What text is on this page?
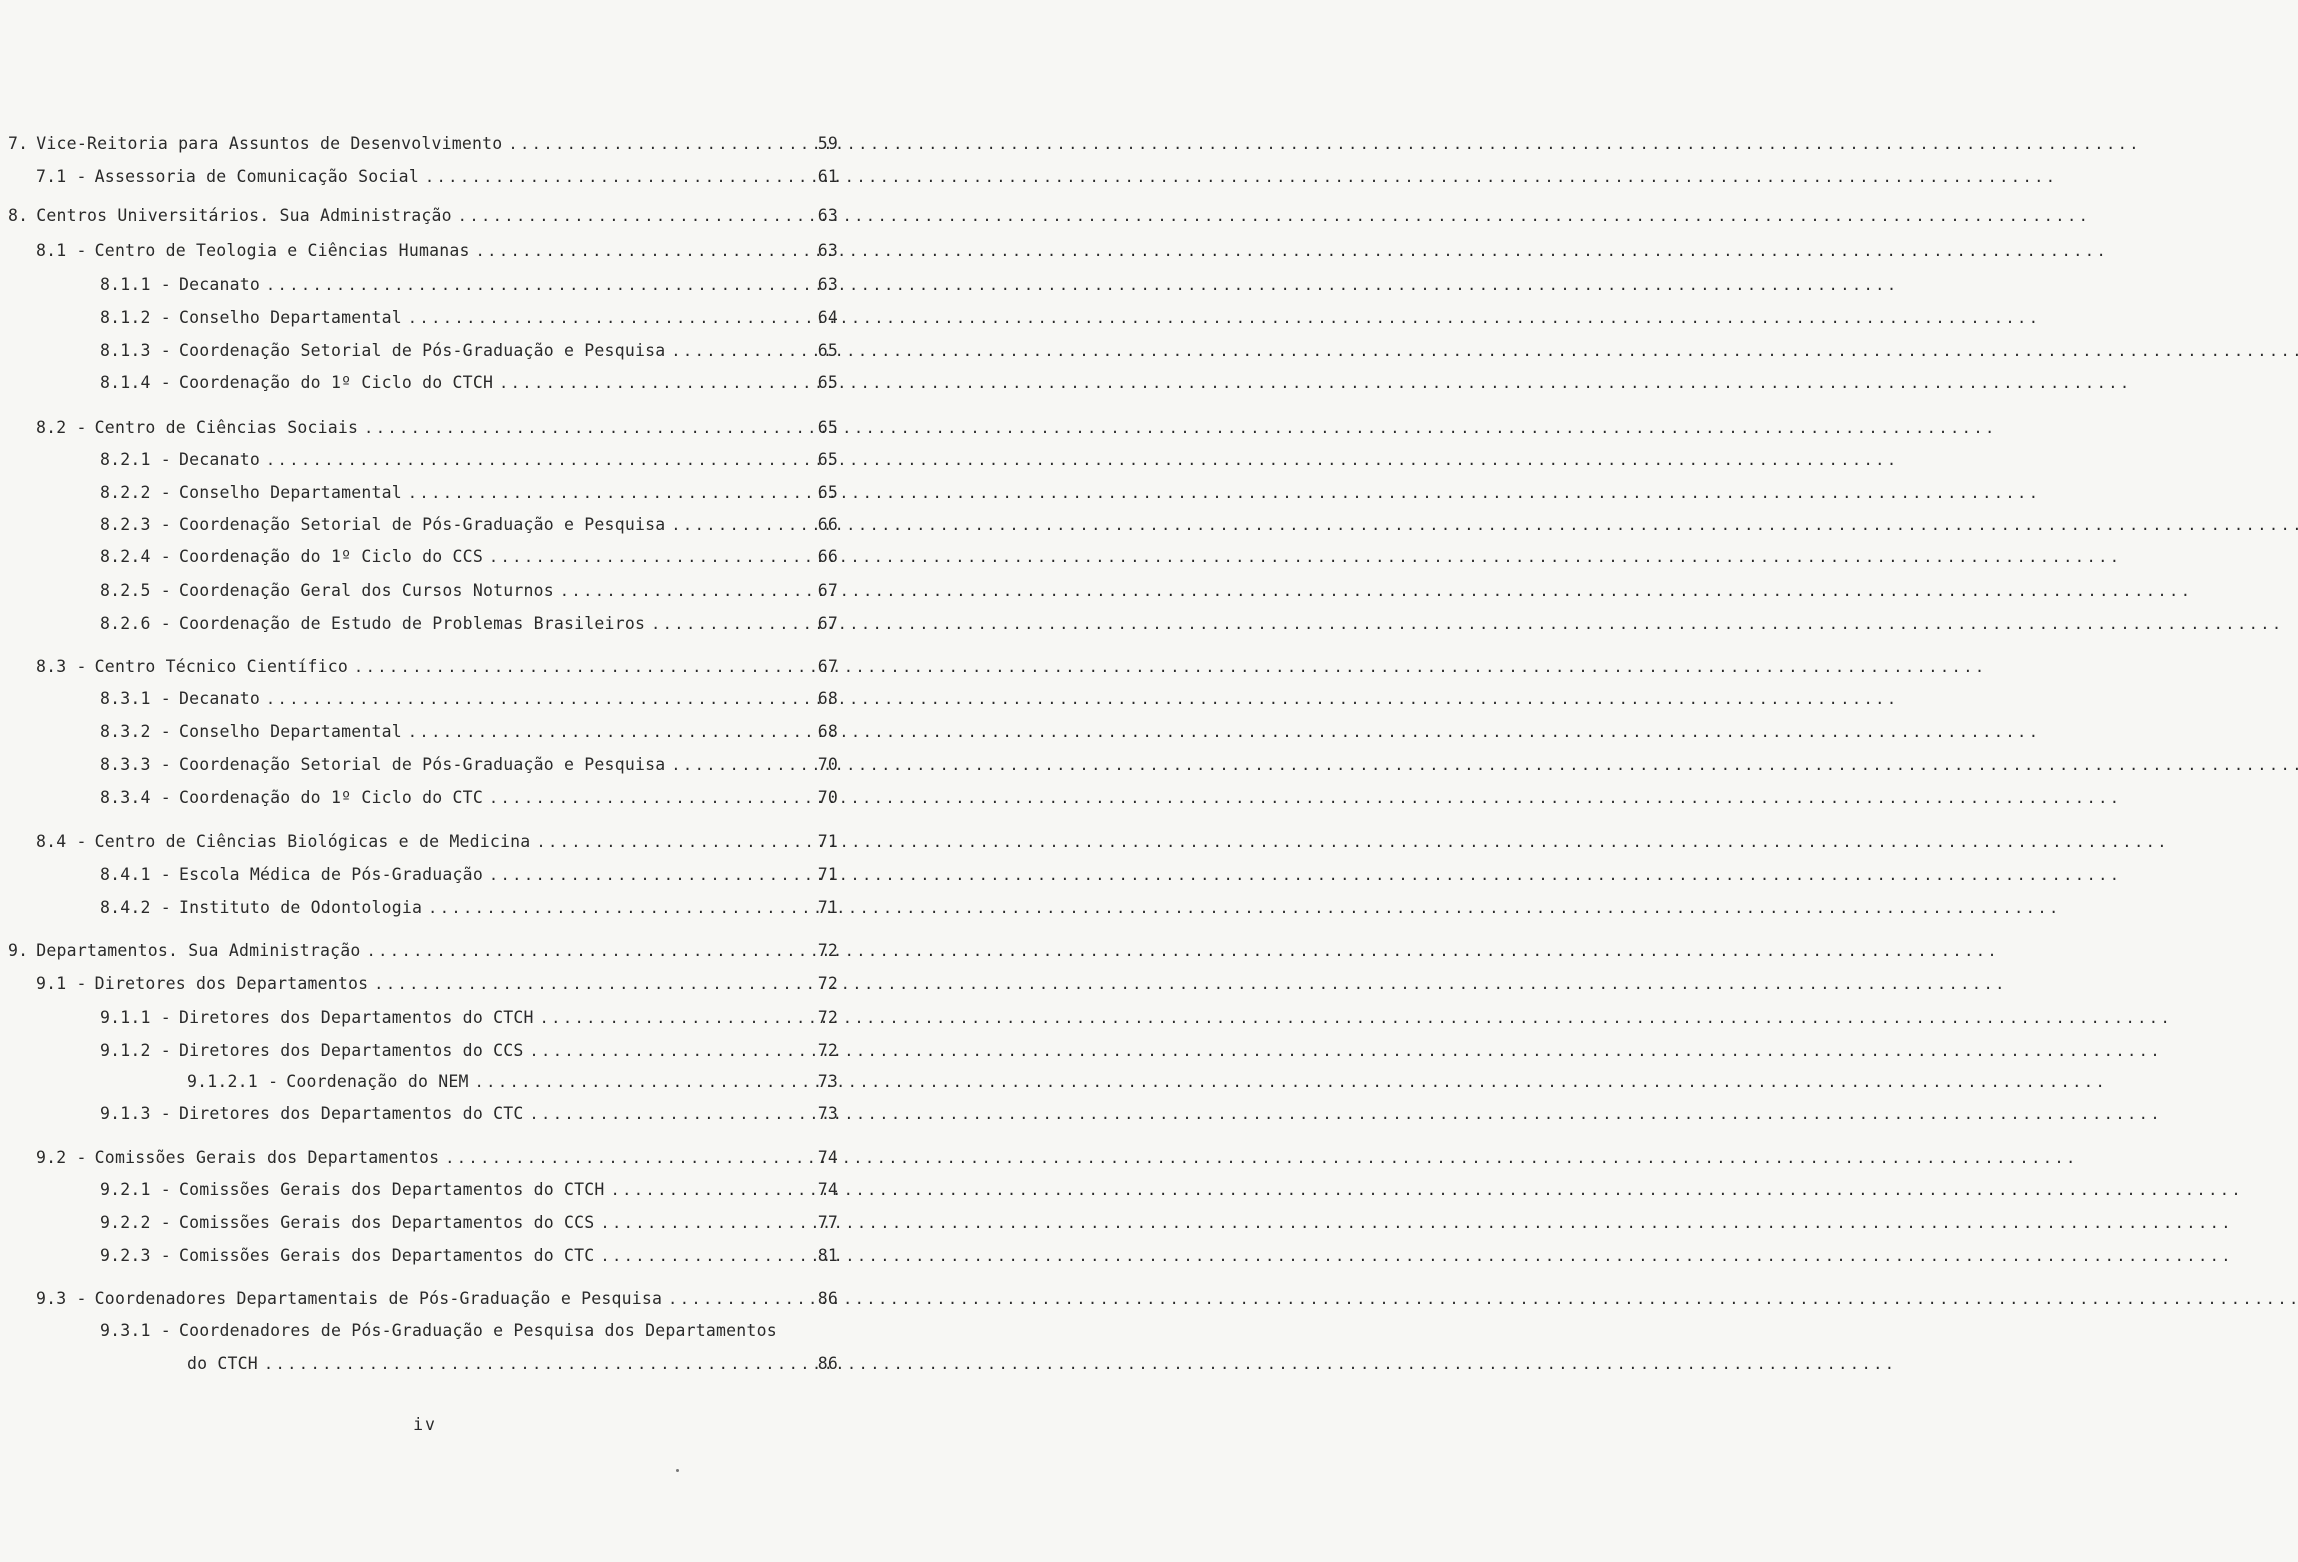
7. Vice-Reitoria para Assuntos de Desenvolvimento . . .	59
7.1 - Assessoria de Comunicação Social . . .	61
8. Centros Universitários. Sua Administração . . .	63
8.1 - Centro de Teologia e Ciências Humanas . . .	63
8.1.1 - Decanato . . .	63
8.1.2 - Conselho Departamental . . .	64
8.1.3 - Coordenação Setorial de Pós-Graduação e Pesquisa . . .	65
8.1.4 - Coordenação do 1º Ciclo do CTCH . . .	65
8.2 - Centro de Ciências Sociais . . .	65
8.2.1 - Decanato . . .	65
8.2.2 - Conselho Departamental . . .	65
8.2.3 - Coordenação Setorial de Pós-Graduação e Pesquisa . . .	66
8.2.4 - Coordenação do 1º Ciclo do CCS . . .	66
8.2.5 - Coordenação Geral dos Cursos Noturnos . . .	67
8.2.6 - Coordenação de Estudo de Problemas Brasileiros . . .	67
8.3 - Centro Técnico Científico . . .	67
8.3.1 - Decanato . . .	68
8.3.2 - Conselho Departamental . . .	68
8.3.3 - Coordenação Setorial de Pós-Graduação e Pesquisa . . .	70
8.3.4 - Coordenação do 1º Ciclo do CTC . . .	70
8.4 - Centro de Ciências Biológicas e de Medicina . . .	71
8.4.1 - Escola Médica de Pós-Graduação . . .	71
8.4.2 - Instituto de Odontologia . . .	71
9. Departamentos. Sua Administração . . .	72
9.1 - Diretores dos Departamentos . . .	72
9.1.1 - Diretores dos Departamentos do CTCH . . .	72
9.1.2 - Diretores dos Departamentos do CCS . . .	72
9.1.2.1 - Coordenação do NEM . . .	73
9.1.3 - Diretores dos Departamentos do CTC . . .	73
9.2 - Comissões Gerais dos Departamentos . . .	74
9.2.1 - Comissões Gerais dos Departamentos do CTCH . . .	74
9.2.2 - Comissões Gerais dos Departamentos do CCS . . .	77
9.2.3 - Comissões Gerais dos Departamentos do CTC . . .	81
9.3 - Coordenadores Departamentais de Pós-Graduação e Pesquisa . . .	86
9.3.1 - Coordenadores de Pós-Graduação e Pesquisa dos Departamentos
do CTCH . . .	86
iv
